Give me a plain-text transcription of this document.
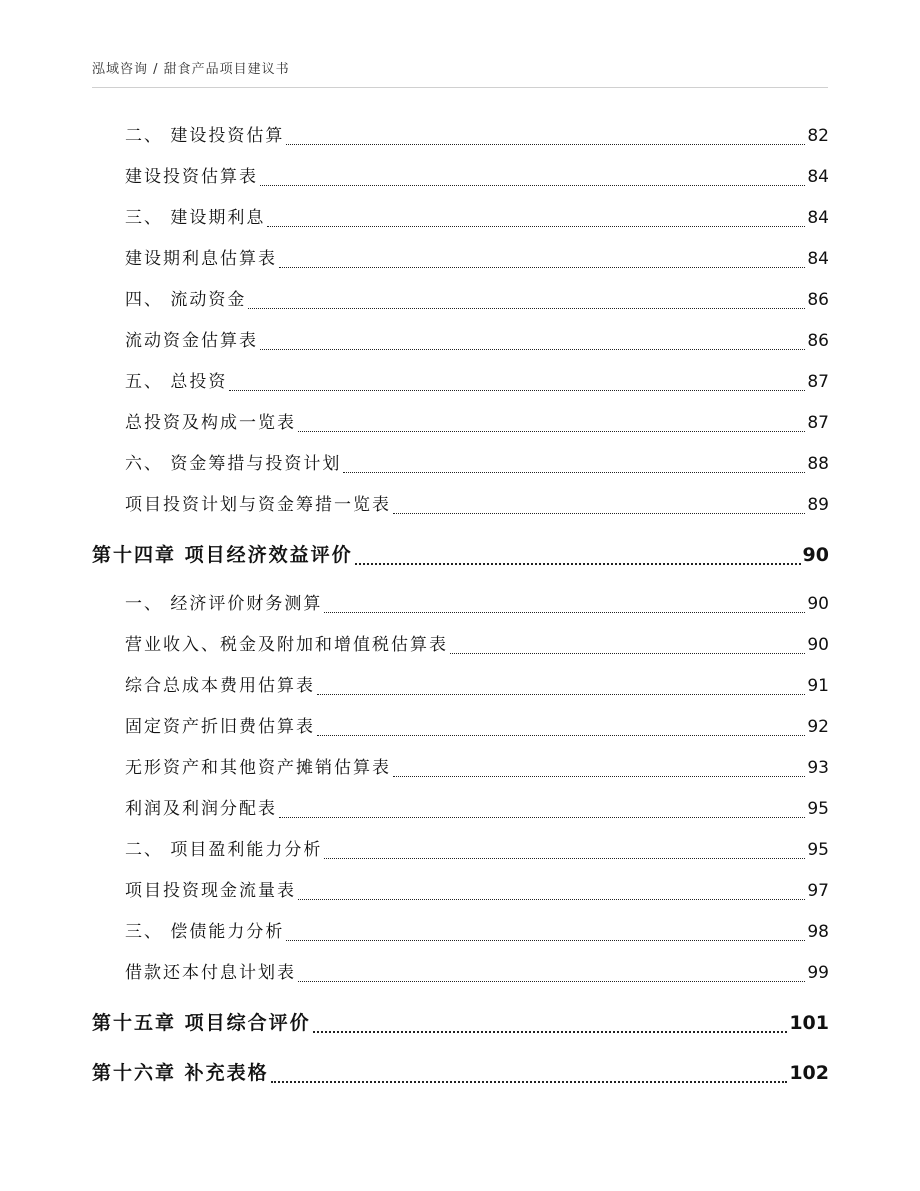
泓域咨询 / 甜食产品项目建议书
二、 建设投资估算	82
建设投资估算表	84
三、 建设期利息	84
建设期利息估算表	84
四、 流动资金	86
流动资金估算表	86
五、 总投资	87
总投资及构成一览表	87
六、 资金筹措与投资计划	88
项目投资计划与资金筹措一览表	89
第十四章 项目经济效益评价	90
一、 经济评价财务测算	90
营业收入、税金及附加和增值税估算表	90
综合总成本费用估算表	91
固定资产折旧费估算表	92
无形资产和其他资产摊销估算表	93
利润及利润分配表	95
二、 项目盈利能力分析	95
项目投资现金流量表	97
三、 偿债能力分析	98
借款还本付息计划表	99
第十五章 项目综合评价	101
第十六章 补充表格	102
